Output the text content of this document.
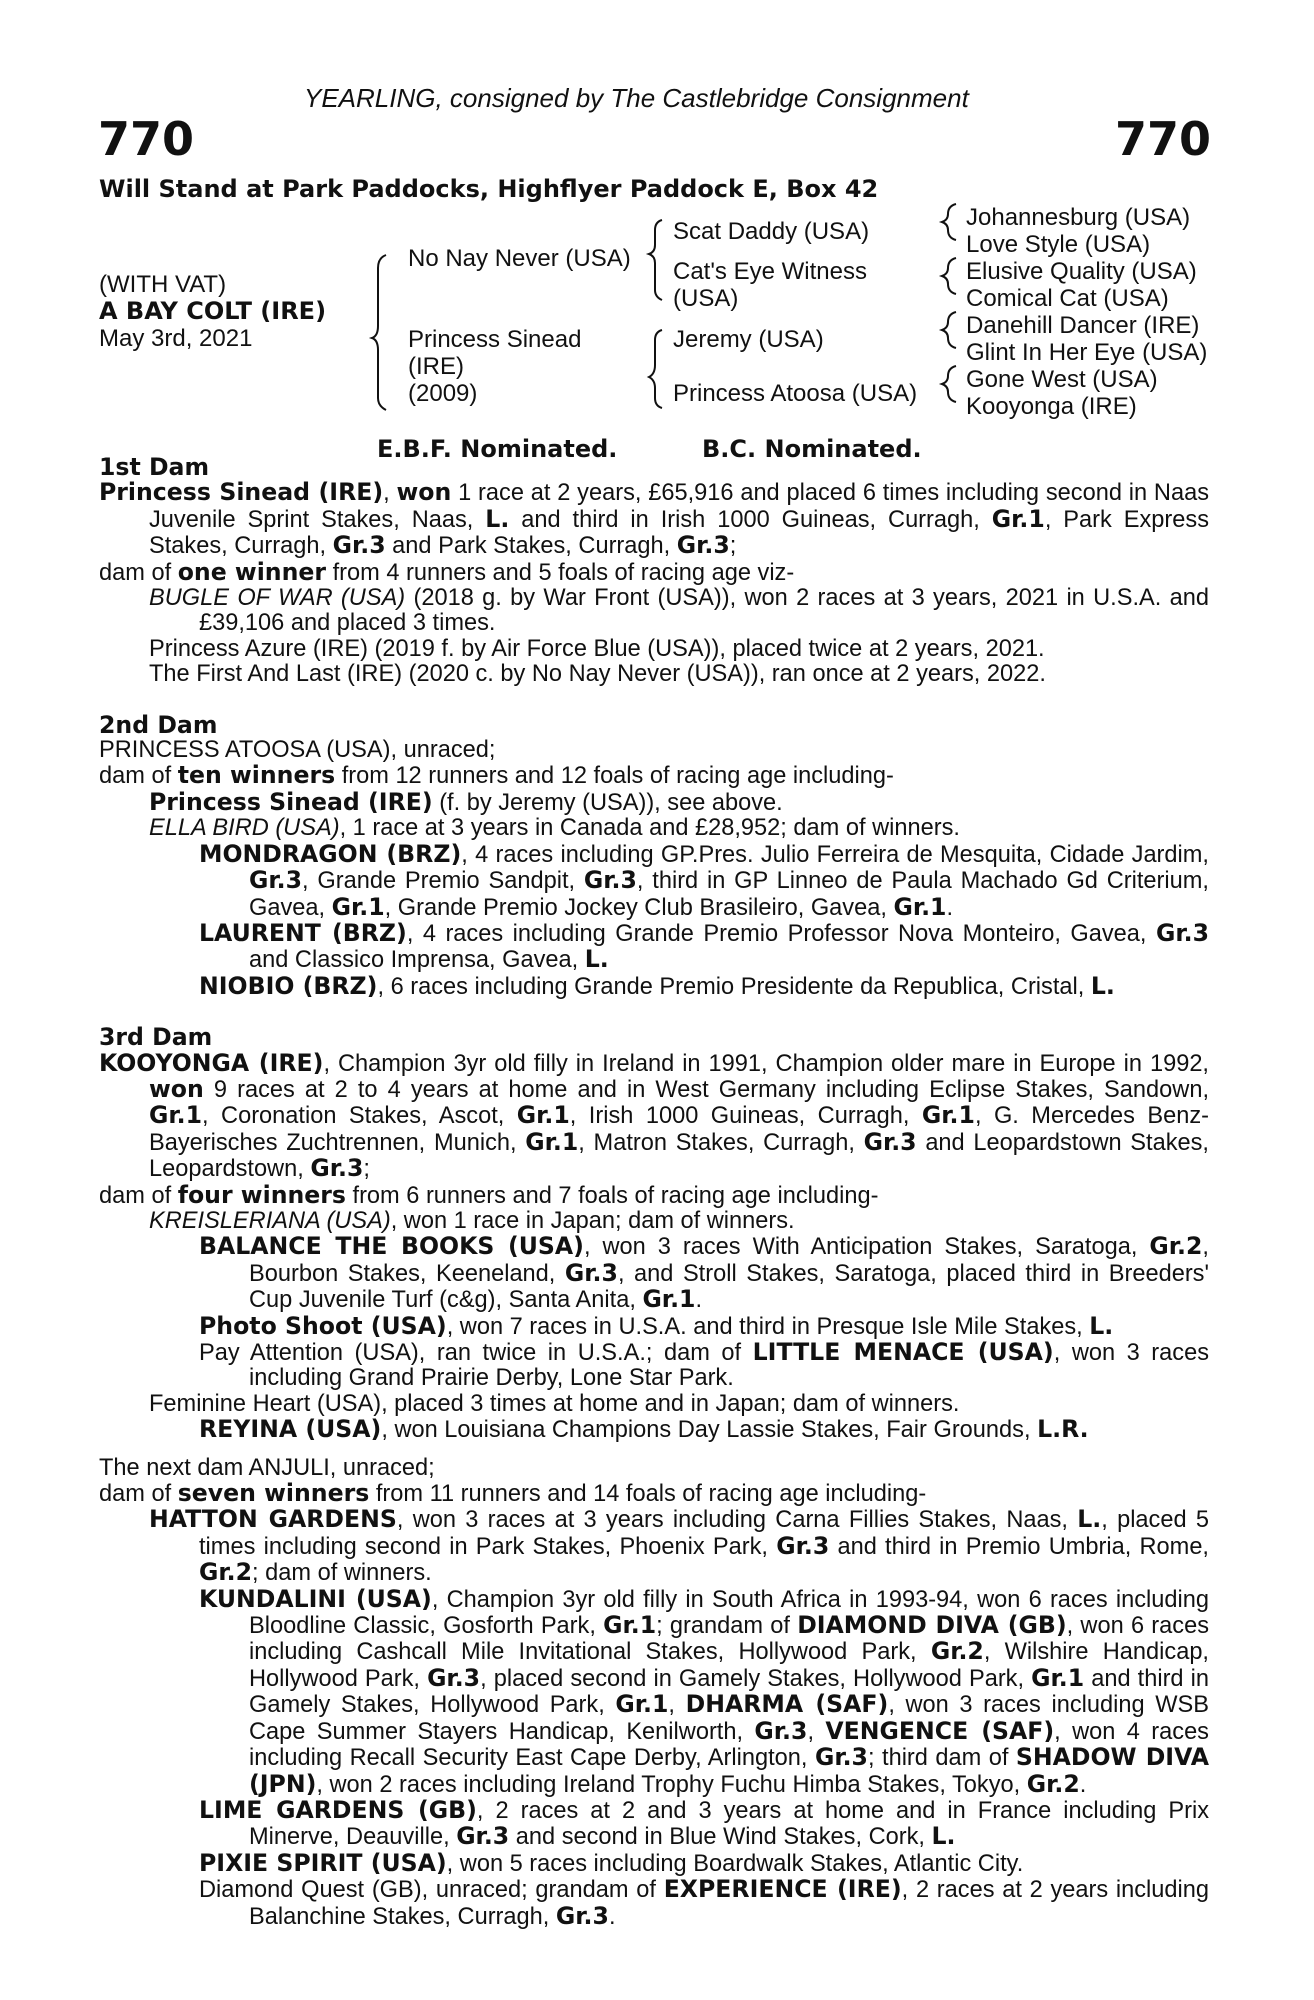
YEARLING, consigned by The Castlebridge Consignment
770	770
Will Stand at Park Paddocks, Highflyer Paddock E, Box 42
(WITH VAT)
A BAY COLT (IRE)
May 3rd, 2021
No Nay Never (USA)
Princess Sinead
(IRE)
(2009)
Scat Daddy (USA)
Cat's Eye Witness
(USA)
Jeremy (USA)
Princess Atoosa (USA)
Johannesburg (USA)
Love Style (USA)
Elusive Quality (USA)
Comical Cat (USA)
Danehill Dancer (IRE)
Glint In Her Eye (USA)
Gone West (USA)
Kooyonga (IRE)
E.B.F. Nominated.	B.C. Nominated.

1st Dam

Princess Sinead (IRE), won 1 race at 2 years, £65,916 and placed 6 times including second in Naas Juvenile Sprint Stakes, Naas, L. and third in Irish 1000 Guineas, Curragh, Gr.1, Park Express Stakes, Curragh, Gr.3 and Park Stakes, Curragh, Gr.3;

dam of one winner from 4 runners and 5 foals of racing age viz-

BUGLE OF WAR (USA) (2018 g. by War Front (USA)), won 2 races at 3 years, 2021 in U.S.A. and £39,106 and placed 3 times.

Princess Azure (IRE) (2019 f. by Air Force Blue (USA)), placed twice at 2 years, 2021.

The First And Last (IRE) (2020 c. by No Nay Never (USA)), ran once at 2 years, 2022.

2nd Dam

PRINCESS ATOOSA (USA), unraced;

dam of ten winners from 12 runners and 12 foals of racing age including-

Princess Sinead (IRE) (f. by Jeremy (USA)), see above.

ELLA BIRD (USA), 1 race at 3 years in Canada and £28,952; dam of winners.

MONDRAGON (BRZ), 4 races including GP.Pres. Julio Ferreira de Mesquita, Cidade Jardim, Gr.3, Grande Premio Sandpit, Gr.3, third in GP Linneo de Paula Machado Gd Criterium, Gavea, Gr.1, Grande Premio Jockey Club Brasileiro, Gavea, Gr.1.

LAURENT (BRZ), 4 races including Grande Premio Professor Nova Monteiro, Gavea, Gr.3 and Classico Imprensa, Gavea, L.

NIOBIO (BRZ), 6 races including Grande Premio Presidente da Republica, Cristal, L.

3rd Dam

KOOYONGA (IRE), Champion 3yr old filly in Ireland in 1991, Champion older mare in Europe in 1992, won 9 races at 2 to 4 years at home and in West Germany including Eclipse Stakes, Sandown, Gr.1, Coronation Stakes, Ascot, Gr.1, Irish 1000 Guineas, Curragh, Gr.1, G. Mercedes Benz-Bayerisches Zuchtrennen, Munich, Gr.1, Matron Stakes, Curragh, Gr.3 and Leopardstown Stakes, Leopardstown, Gr.3;

dam of four winners from 6 runners and 7 foals of racing age including-

KREISLERIANA (USA), won 1 race in Japan; dam of winners.

BALANCE THE BOOKS (USA), won 3 races With Anticipation Stakes, Saratoga, Gr.2, Bourbon Stakes, Keeneland, Gr.3, and Stroll Stakes, Saratoga, placed third in Breeders' Cup Juvenile Turf (c&g), Santa Anita, Gr.1.

Photo Shoot (USA), won 7 races in U.S.A. and third in Presque Isle Mile Stakes, L.

Pay Attention (USA), ran twice in U.S.A.; dam of LITTLE MENACE (USA), won 3 races including Grand Prairie Derby, Lone Star Park.

Feminine Heart (USA), placed 3 times at home and in Japan; dam of winners.

REYINA (USA), won Louisiana Champions Day Lassie Stakes, Fair Grounds, L.R.

The next dam ANJULI, unraced;

dam of seven winners from 11 runners and 14 foals of racing age including-

HATTON GARDENS, won 3 races at 3 years including Carna Fillies Stakes, Naas, L., placed 5 times including second in Park Stakes, Phoenix Park, Gr.3 and third in Premio Umbria, Rome, Gr.2; dam of winners.

KUNDALINI (USA), Champion 3yr old filly in South Africa in 1993-94, won 6 races including Bloodline Classic, Gosforth Park, Gr.1; grandam of DIAMOND DIVA (GB), won 6 races including Cashcall Mile Invitational Stakes, Hollywood Park, Gr.2, Wilshire Handicap, Hollywood Park, Gr.3, placed second in Gamely Stakes, Hollywood Park, Gr.1 and third in Gamely Stakes, Hollywood Park, Gr.1, DHARMA (SAF), won 3 races including WSB Cape Summer Stayers Handicap, Kenilworth, Gr.3, VENGENCE (SAF), won 4 races including Recall Security East Cape Derby, Arlington, Gr.3; third dam of SHADOW DIVA (JPN), won 2 races including Ireland Trophy Fuchu Himba Stakes, Tokyo, Gr.2.

LIME GARDENS (GB), 2 races at 2 and 3 years at home and in France including Prix Minerve, Deauville, Gr.3 and second in Blue Wind Stakes, Cork, L.

PIXIE SPIRIT (USA), won 5 races including Boardwalk Stakes, Atlantic City.

Diamond Quest (GB), unraced; grandam of EXPERIENCE (IRE), 2 races at 2 years including Balanchine Stakes, Curragh, Gr.3.
